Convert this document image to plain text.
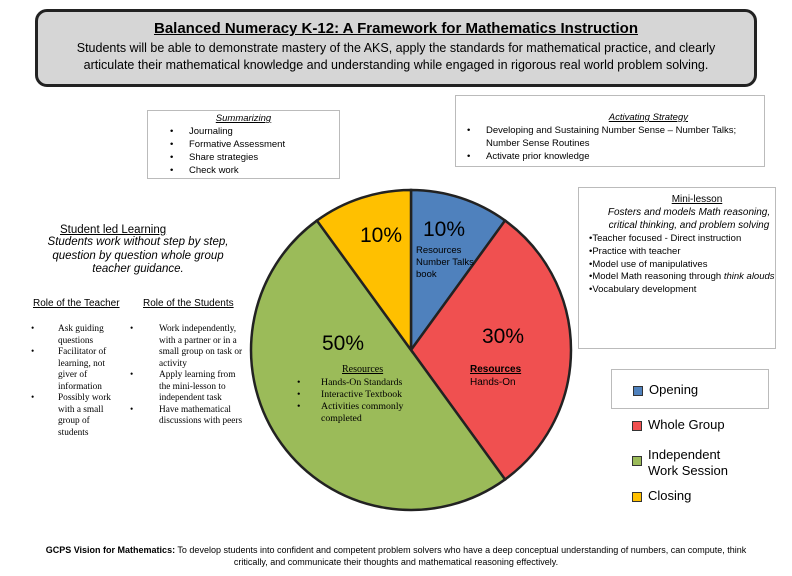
Balanced Numeracy K-12: A Framework for Mathematics Instruction
Students will be able to demonstrate mastery of the AKS, apply the standards for mathematical practice, and clearly articulate their mathematical knowledge and understanding while engaged in rigorous real world problem solving.
Summarizing
• Journaling
• Formative Assessment
• Share strategies
• Check work
Activating Strategy
• Developing and Sustaining Number Sense – Number Talks; Number Sense Routines
• Activate prior knowledge
Mini-lesson
Fosters and models Math reasoning, critical thinking, and problem solving
•Teacher focused - Direct instruction
•Practice with teacher
•Model use of manipulatives
•Model Math reasoning through think alouds
•Vocabulary development
Student led Learning
Students work without step by step, question by question whole group teacher guidance.
Role of the Teacher Role of the Students
• Ask guiding questions
• Facilitator of learning, not giver of information
• Possibly work with a small group of students
• Work independently, with a partner or in a small group on task or activity
• Apply learning from the mini-lesson to independent task
• Have mathematical discussions with peers
10% 10%
Resources Number Talks book
30%
Resources
Hands-On
50%
Resources
• Hands-On Standards
• Interactive Textbook
• Activities commonly completed
Opening
Whole Group
Independent Work Session
Closing
GCPS Vision for Mathematics: To develop students into confident and competent problem solvers who have a deep conceptual understanding of numbers, can compute, think critically, and communicate their thoughts and mathematical reasoning effectively.
